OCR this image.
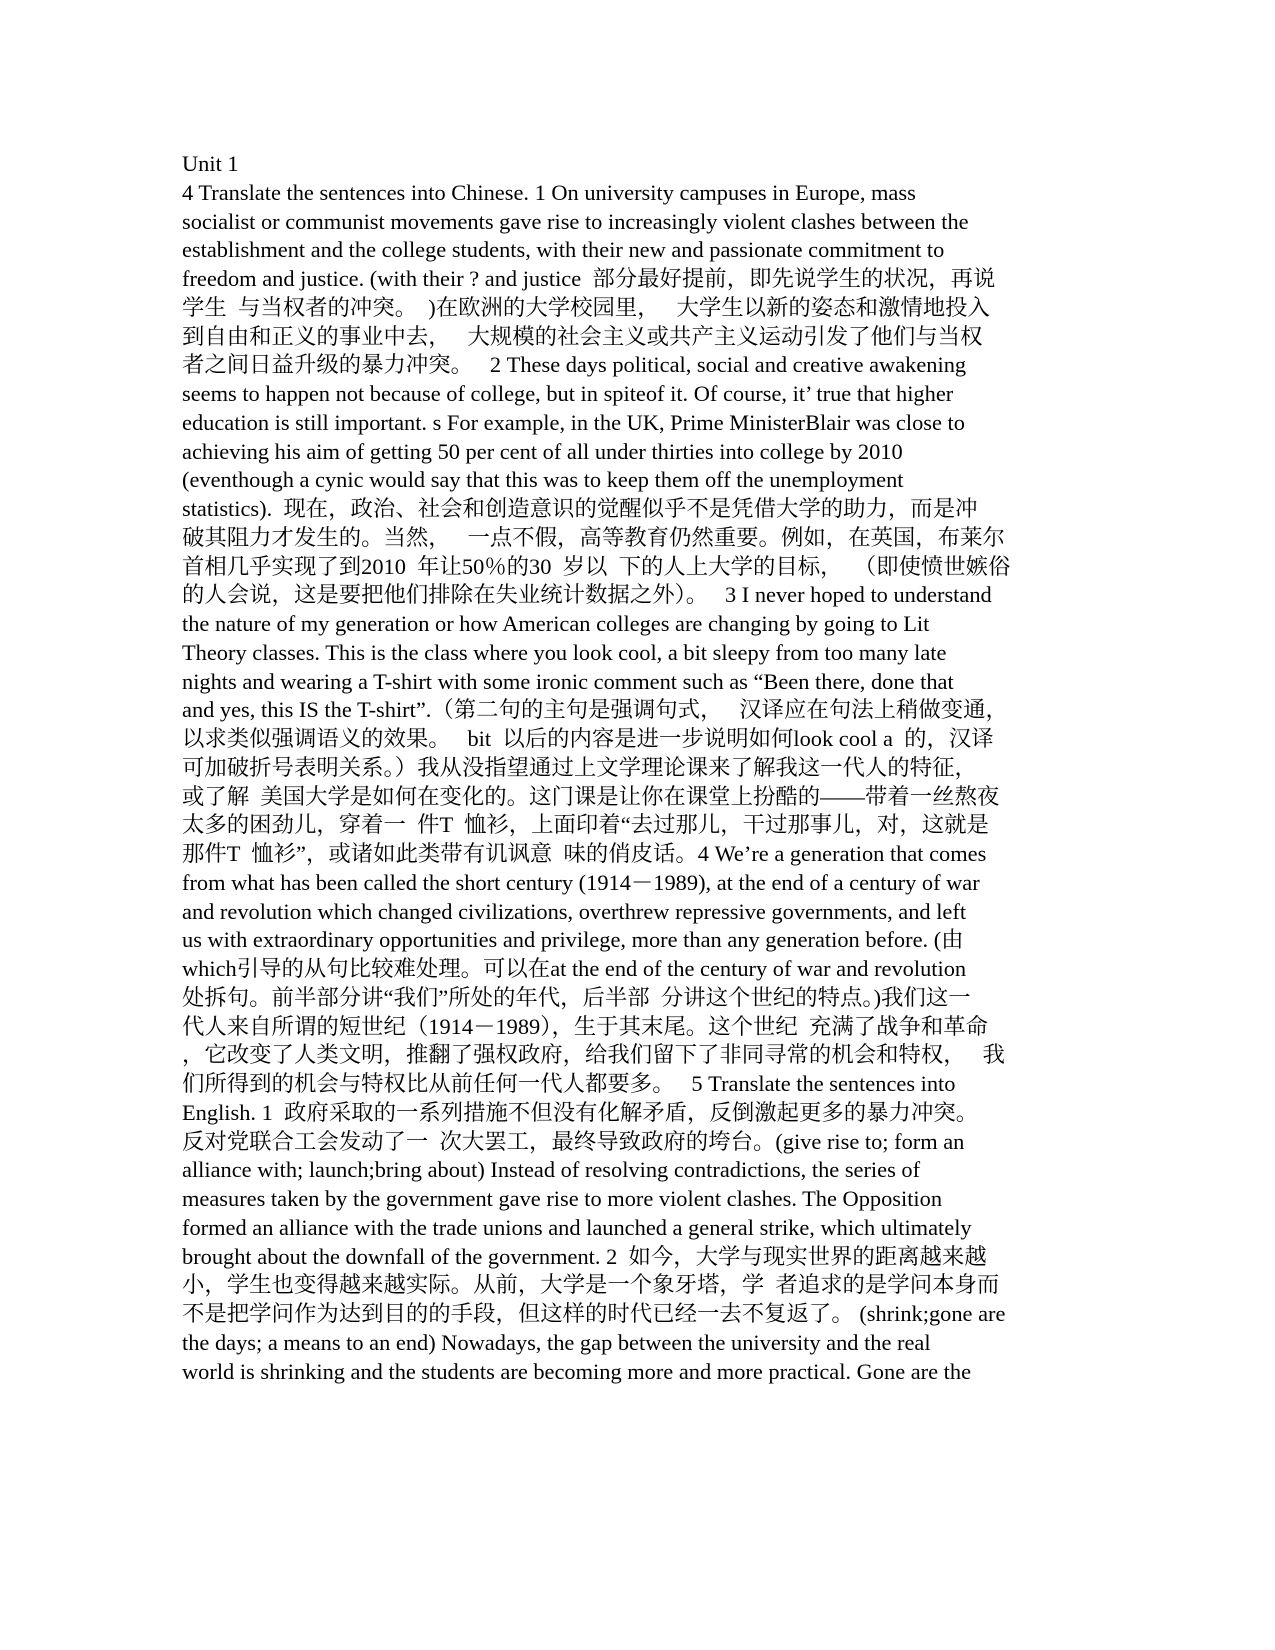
Unit 1
4 Translate the sentences into Chinese. 1 On university campuses in Europe, mass
socialist or communist movements gave rise to increasingly violent clashes between the
establishment and the college students, with their new and passionate commitment to
freedom and justice. (with their ? and justice  部分最好提前，即先说学生的状况，再说
学生  与当权者的冲突。  )在欧洲的大学校园里，   大学生以新的姿态和激情地投入
到自由和正义的事业中去，   大规模的社会主义或共产主义运动引发了他们与当权
者之间日益升级的暴力冲突。   2 These days political, social and creative awakening
seems to happen not because of college, but in spiteof it. Of course, it’ true that higher
education is still important. s For example, in the UK, Prime MinisterBlair was close to
achieving his aim of getting 50 per cent of all under thirties into college by 2010
(eventhough a cynic would say that this was to keep them off the unemployment
statistics).  现在，政治、社会和创造意识的觉醒似乎不是凭借大学的助力，而是冲
破其阻力才发生的。当然，   一点不假，高等教育仍然重要。例如，在英国，布莱尔
首相几乎实现了到2010  年让50％的30  岁以  下的人上大学的目标，  （即使愤世嫉俗
的人会说，这是要把他们排除在失业统计数据之外）。   3 I never hoped to understand
the nature of my generation or how American colleges are changing by going to Lit
Theory classes. This is the class where you look cool, a bit sleepy from too many late
nights and wearing a T-shirt with some ironic comment such as “Been there, done that
and yes, this IS the T-shirt”.（第二句的主句是强调句式，   汉译应在句法上稍做变通，
以求类似强调语义的效果。   bit  以后的内容是进一步说明如何look cool a  的，汉译
可加破折号表明关系。）我从没指望通过上文学理论课来了解我这一代人的特征，
或了解  美国大学是如何在变化的。这门课是让你在课堂上扮酷的——带着一丝熬夜
太多的困劲儿，穿着一  件T  恤衫，上面印着“去过那儿，干过那事儿，对，这就是
那件T  恤衫”，或诸如此类带有讥讽意  味的俏皮话。4 We’re a generation that comes
from what has been called the short century (1914－1989), at the end of a century of war
and revolution which changed civilizations, overthrew repressive governments, and left
us with extraordinary opportunities and privilege, more than any generation before. (由
which引导的从句比较难处理。可以在at the end of the century of war and revolution
处拆句。前半部分讲“我们”所处的年代，后半部  分讲这个世纪的特点。)我们这一
代人来自所谓的短世纪（1914－1989），生于其末尾。这个世纪  充满了战争和革命
，它改变了人类文明，推翻了强权政府，给我们留下了非同寻常的机会和特权，   我
们所得到的机会与特权比从前任何一代人都要多。   5 Translate the sentences into
English. 1  政府采取的一系列措施不但没有化解矛盾，反倒激起更多的暴力冲突。
反对党联合工会发动了一  次大罢工，最终导致政府的垮台。(give rise to; form an
alliance with; launch;bring about) Instead of resolving contradictions, the series of
measures taken by the government gave rise to more violent clashes. The Opposition
formed an alliance with the trade unions and launched a general strike, which ultimately
brought about the downfall of the government. 2  如今，大学与现实世界的距离越来越
小，学生也变得越来越实际。从前，大学是一个象牙塔，学  者追求的是学问本身而
不是把学问作为达到目的的手段，但这样的时代已经一去不复返了。 (shrink;gone are
the days; a means to an end) Nowadays, the gap between the university and the real
world is shrinking and the students are becoming more and more practical. Gone are the
